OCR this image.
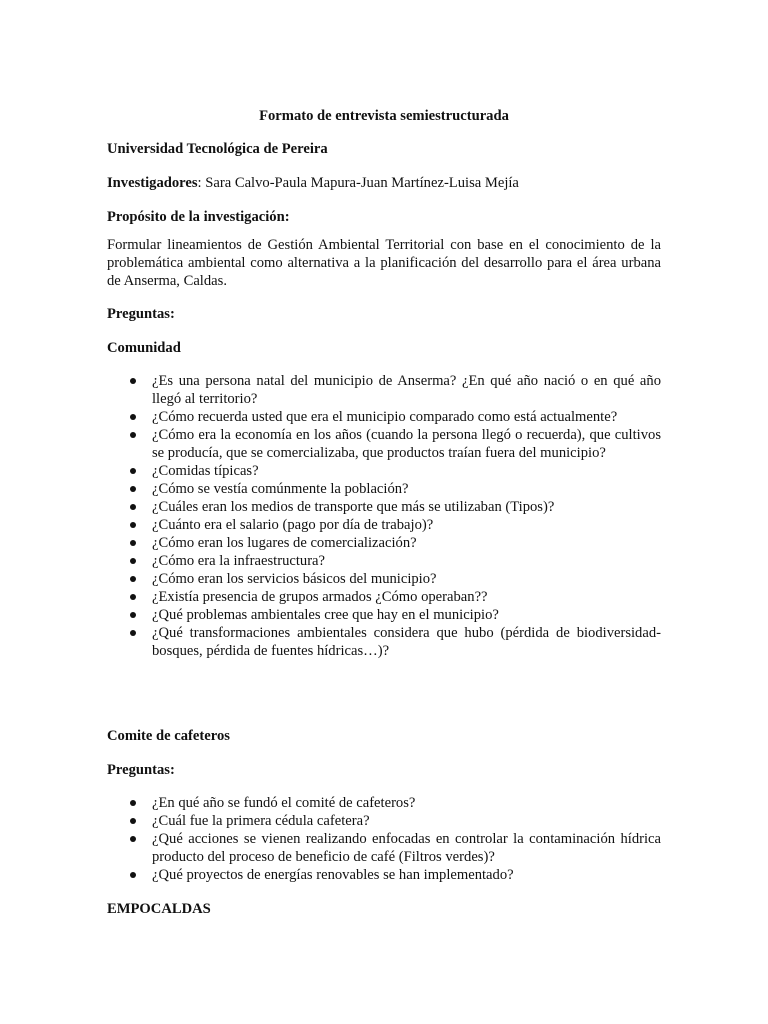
Formato de entrevista semiestructurada

Universidad Tecnológica de Pereira

Investigadores: Sara Calvo-Paula Mapura-Juan Martínez-Luisa Mejía

Propósito de la investigación:

Formular lineamientos de Gestión Ambiental Territorial con base en el conocimiento de la problemática ambiental como alternativa a la planificación del desarrollo para el área urbana de Anserma, Caldas.

Preguntas:

Comunidad

¿Es una persona natal del municipio de Anserma? ¿En qué año nació o en qué año llegó al territorio?
¿Cómo recuerda usted que era el municipio comparado como está actualmente?
¿Cómo era la economía en los años (cuando la persona llegó o recuerda), que cultivos se producía, que se comercializaba, que productos traían fuera del municipio?
¿Comidas típicas?
¿Cómo se vestía comúnmente la población?
¿Cuáles eran los medios de transporte que más se utilizaban (Tipos)?
¿Cuánto era el salario (pago por día de trabajo)?
¿Cómo eran los lugares de comercialización?
¿Cómo era la infraestructura?
¿Cómo eran los servicios básicos del municipio?
¿Existía presencia de grupos armados ¿Cómo operaban??
¿Qué problemas ambientales cree que hay en el municipio?
¿Qué transformaciones ambientales considera que hubo (pérdida de biodiversidad-bosques, pérdida de fuentes hídricas…)?

Comite de cafeteros

Preguntas:

¿En qué año se fundó el comité de cafeteros?
¿Cuál fue la primera cédula cafetera?
¿Qué acciones se vienen realizando enfocadas en controlar la contaminación hídrica producto del proceso de beneficio de café (Filtros verdes)?
¿Qué proyectos de energías renovables se han implementado?

EMPOCALDAS
